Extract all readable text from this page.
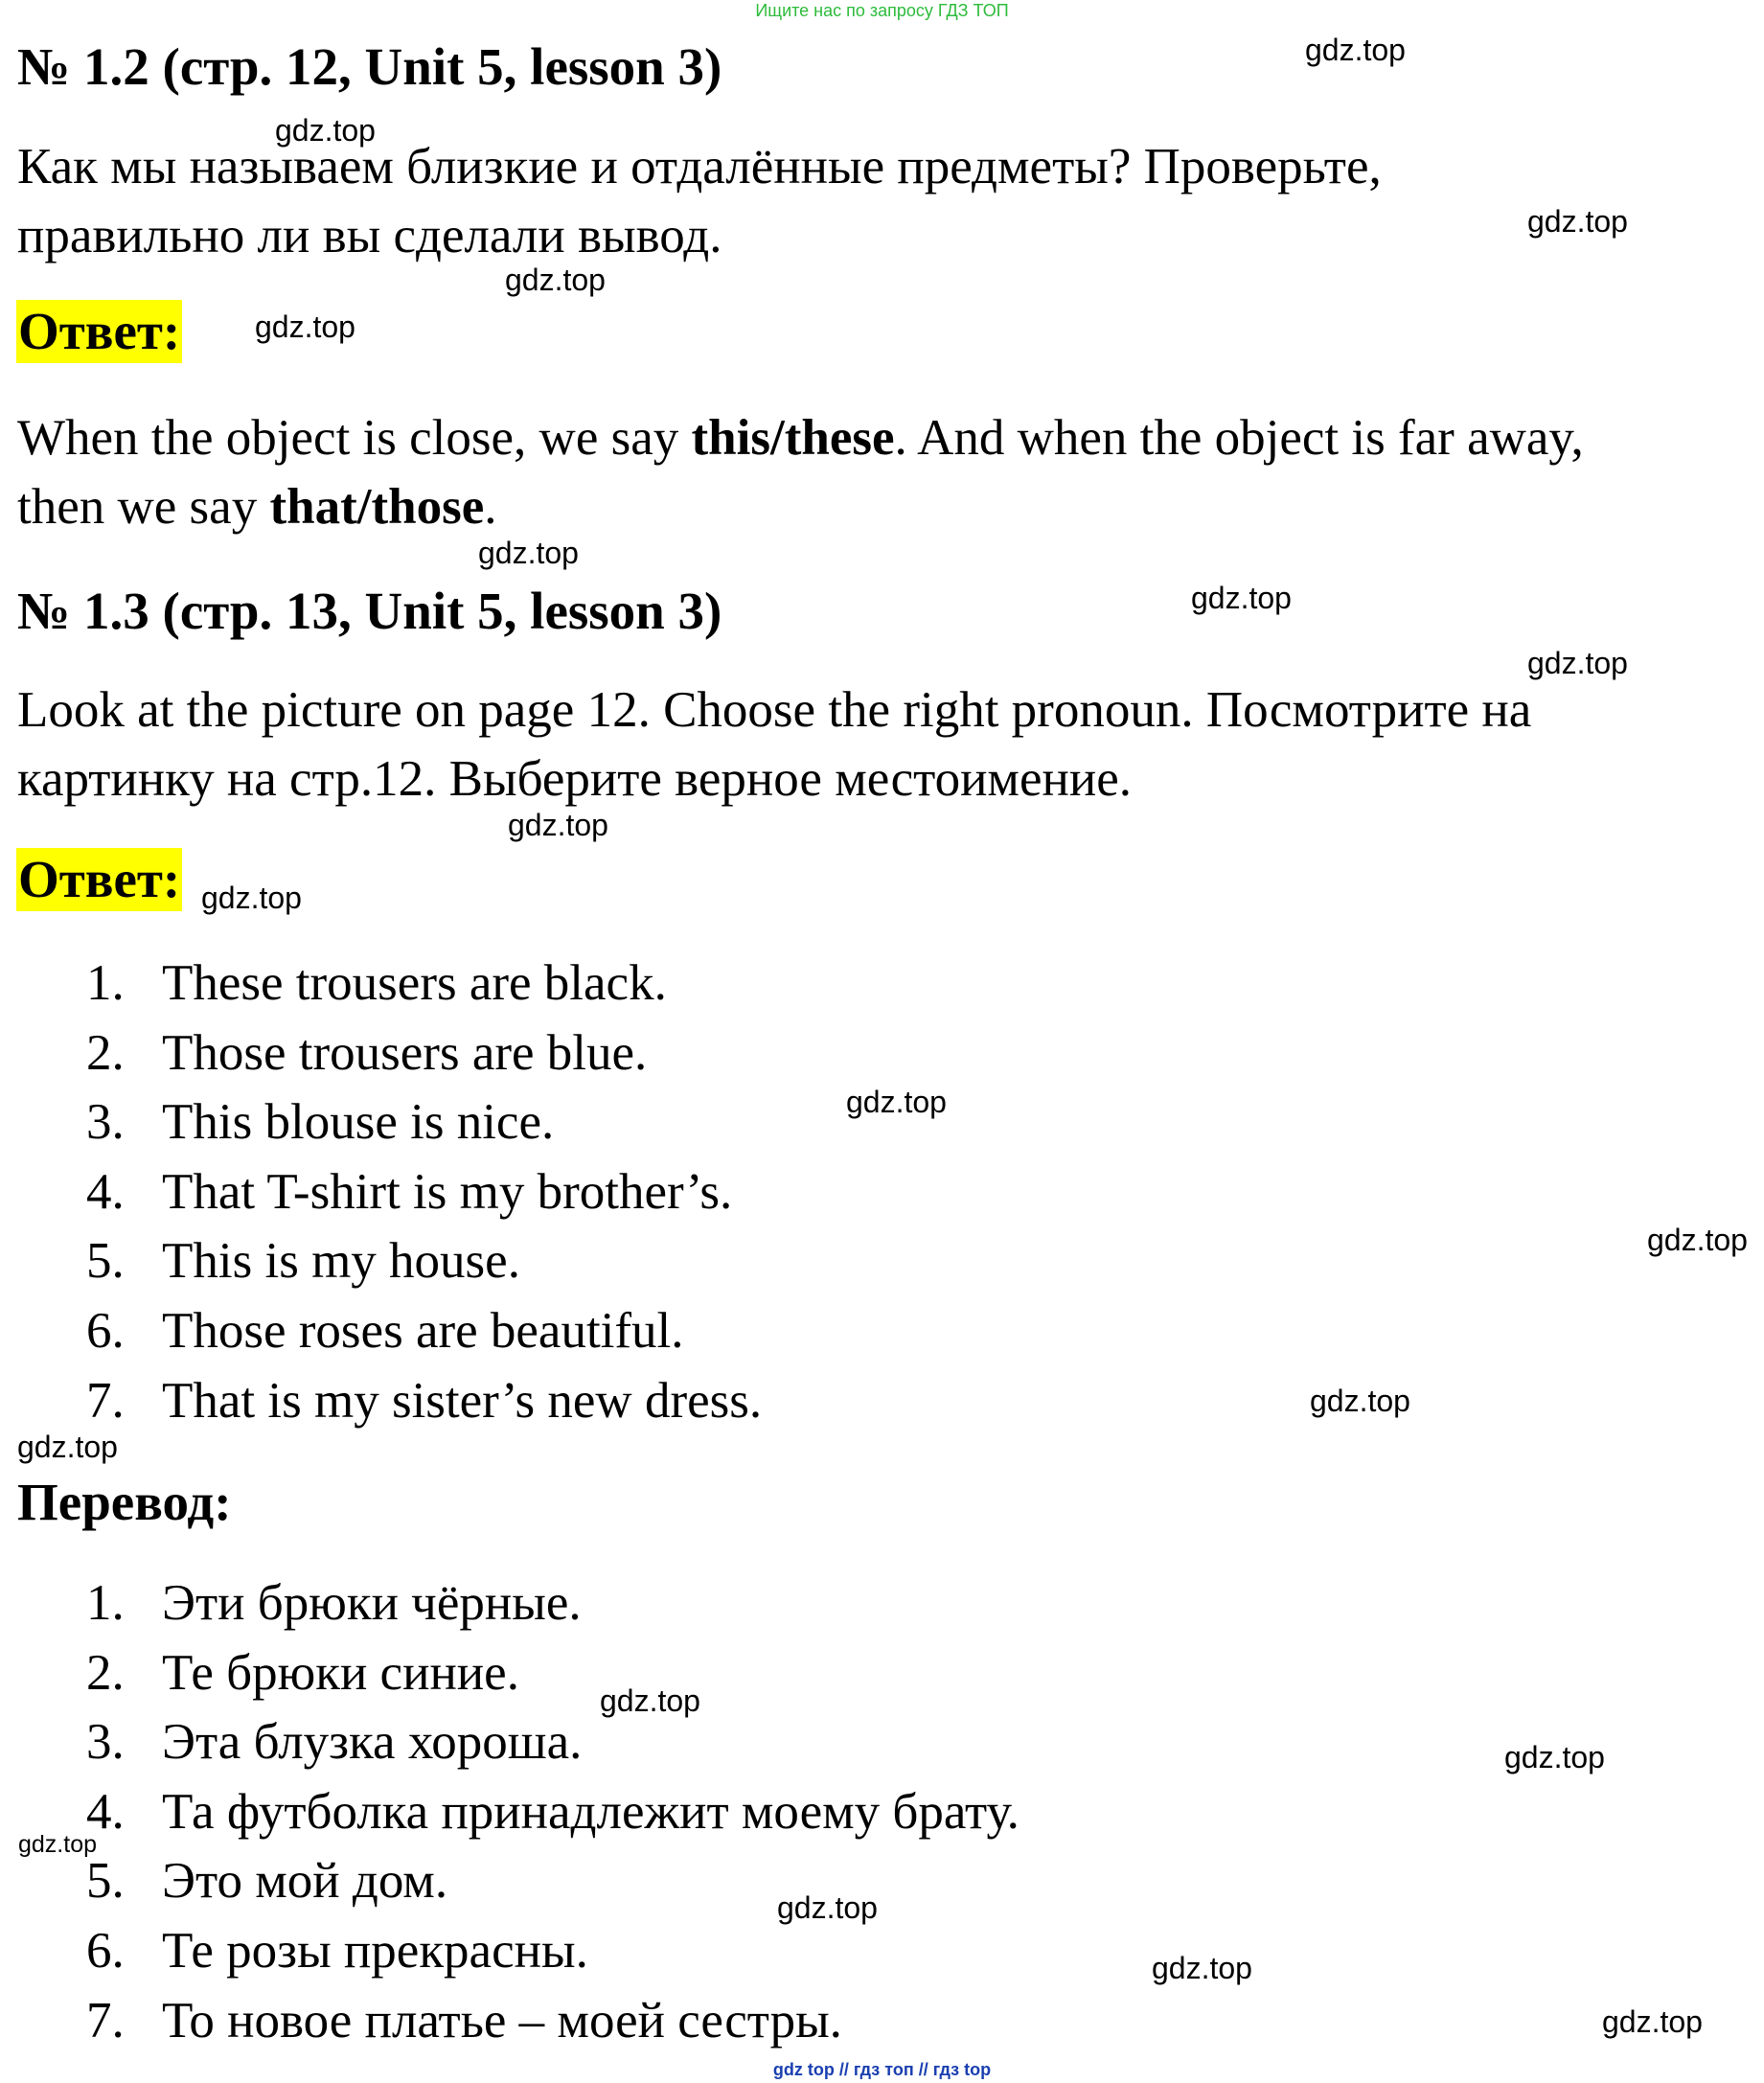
Ищите нас по запросу ГДЗ ТОП
№ 1.2 (стр. 12, Unit 5, lesson 3)

Как мы называем близкие и отдалённые предметы? Проверьте,

правильно ли вы сделали вывод.

Ответ:

When the object is close, we say this/these. And when the object is far away,

then we say that/those.

№ 1.3 (стр. 13, Unit 5, lesson 3)

Look at the picture on page 12. Choose the right pronoun. Посмотрите на

картинку на стр.12. Выберите верное местоимение.

Ответ:
1. These trousers are black.
2. Those trousers are blue.
3. This blouse is nice.
4. That T-shirt is my brother’s.
5. This is my house.
6. Those roses are beautiful.
7. That is my sister’s new dress.
Перевод:
1. Эти брюки чёрные.
2. Те брюки синие.
3. Эта блузка хороша.
4. Та футболка принадлежит моему брату.
5. Это мой дом.
6. Те розы прекрасны.
7. То новое платье – моей сестры.
gdz.top
gdz.top
gdz.top
gdz.top
gdz.top
gdz.top
gdz.top
gdz.top
gdz.top
gdz.top
gdz.top
gdz.top
gdz.top
gdz.top
gdz.top
gdz.top
gdz.top
gdz.top
gdz.top
gdz.top
gdz top // гдз топ // гдз top
